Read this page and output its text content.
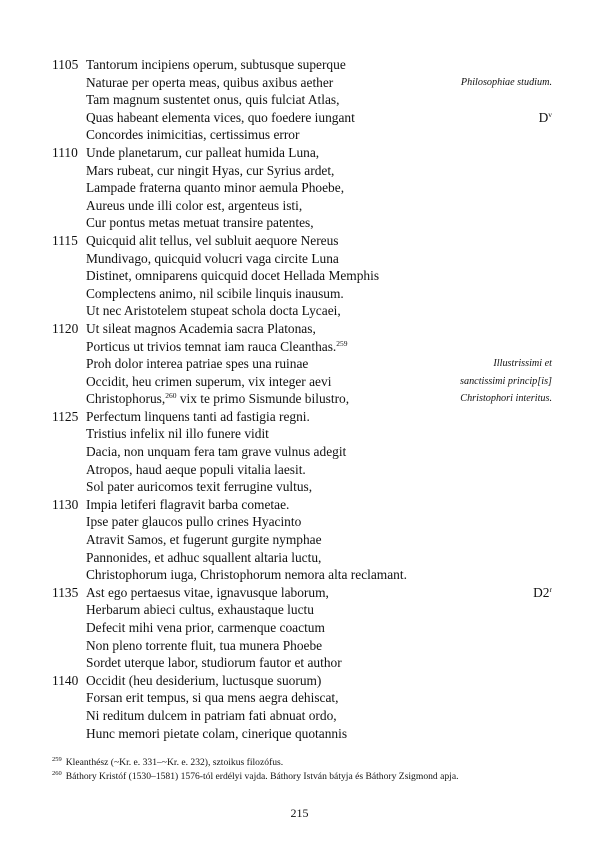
1105 Tantorum incipiens operum, subtusque superque
Naturae per operta meas, quibus axibus aether	Philosophiae studium.
Tam magnum sustentet onus, quis fulciat Atlas,
Quas habeant elementa vices, quo foedere iungant	$D^v$
Concordes inimicitias, certissimus error
1110 Unde planetarum, cur palleat humida Luna,
Mars rubeat, cur ningit Hyas, cur Syrius ardet,
Lampade fraterna quanto minor aemula Phoebe,
Aureus unde illi color est, argenteus isti,
Cur pontus metas metuat transire patentes,
1115 Quicquid alit tellus, vel subluit aequore Nereus
Mundivago, quicquid volucri vaga circite Luna
Distinet, omniparens quicquid docet Hellada Memphis
Complectens animo, nil scibile linquis inausum.
Ut nec Aristotelem stupeat schola docta Lycaei,
1120 Ut sileat magnos Academia sacra Platonas,
Porticus ut trivios temnat iam rauca Cleanthas.$^{259}$
Proh dolor interea patriae spes una ruinae	Illustrissimi et
Occidit, heu crimen superum, vix integer aevi	sanctissimi princip[is]
Christophorus,$^{260}$ vix te primo Sismunde bilustro,	Christophori interitus.
1125 Perfectum linquens tanti ad fastigia regni.
Tristius infelix nil illo funere vidit
Dacia, non unquam fera tam grave vulnus adegit
Atropos, haud aeque populi vitalia laesit.
Sol pater auricomos texit ferrugine vultus,
1130 Impia letiferi flagravit barba cometae.
Ipse pater glaucos pullo crines Hyacinto
Atravit Samos, et fugerunt gurgite nymphae
Pannonides, et adhuc squallent altaria luctu,
Christophorum iuga, Christophorum nemora alta reclamant.
1135 Ast ego pertaesus vitae, ignavusque laborum,	D2$^r$
Herbarum abieci cultus, exhaustaque luctu
Defecit mihi vena prior, carmenque coactum
Non pleno torrente fluit, tua munera Phoebe
Sordet uterque labor, studiorum fautor et author
1140 Occidit (heu desiderium, luctusque suorum)
Forsan erit tempus, si qua mens aegra dehiscat,
Ni reditum dulcem in patriam fati abnuat ordo,
Hunc memori pietate colam, cinerique quotannis
$^{259}$ Kleanthész (~Kr. e. 331–~Kr. e. 232), sztoikus filozófus.
$^{260}$ Báthory Kristóf (1530–1581) 1576-tól erdélyi vajda. Báthory István bátyja és Báthory Zsigmond apja.
215
